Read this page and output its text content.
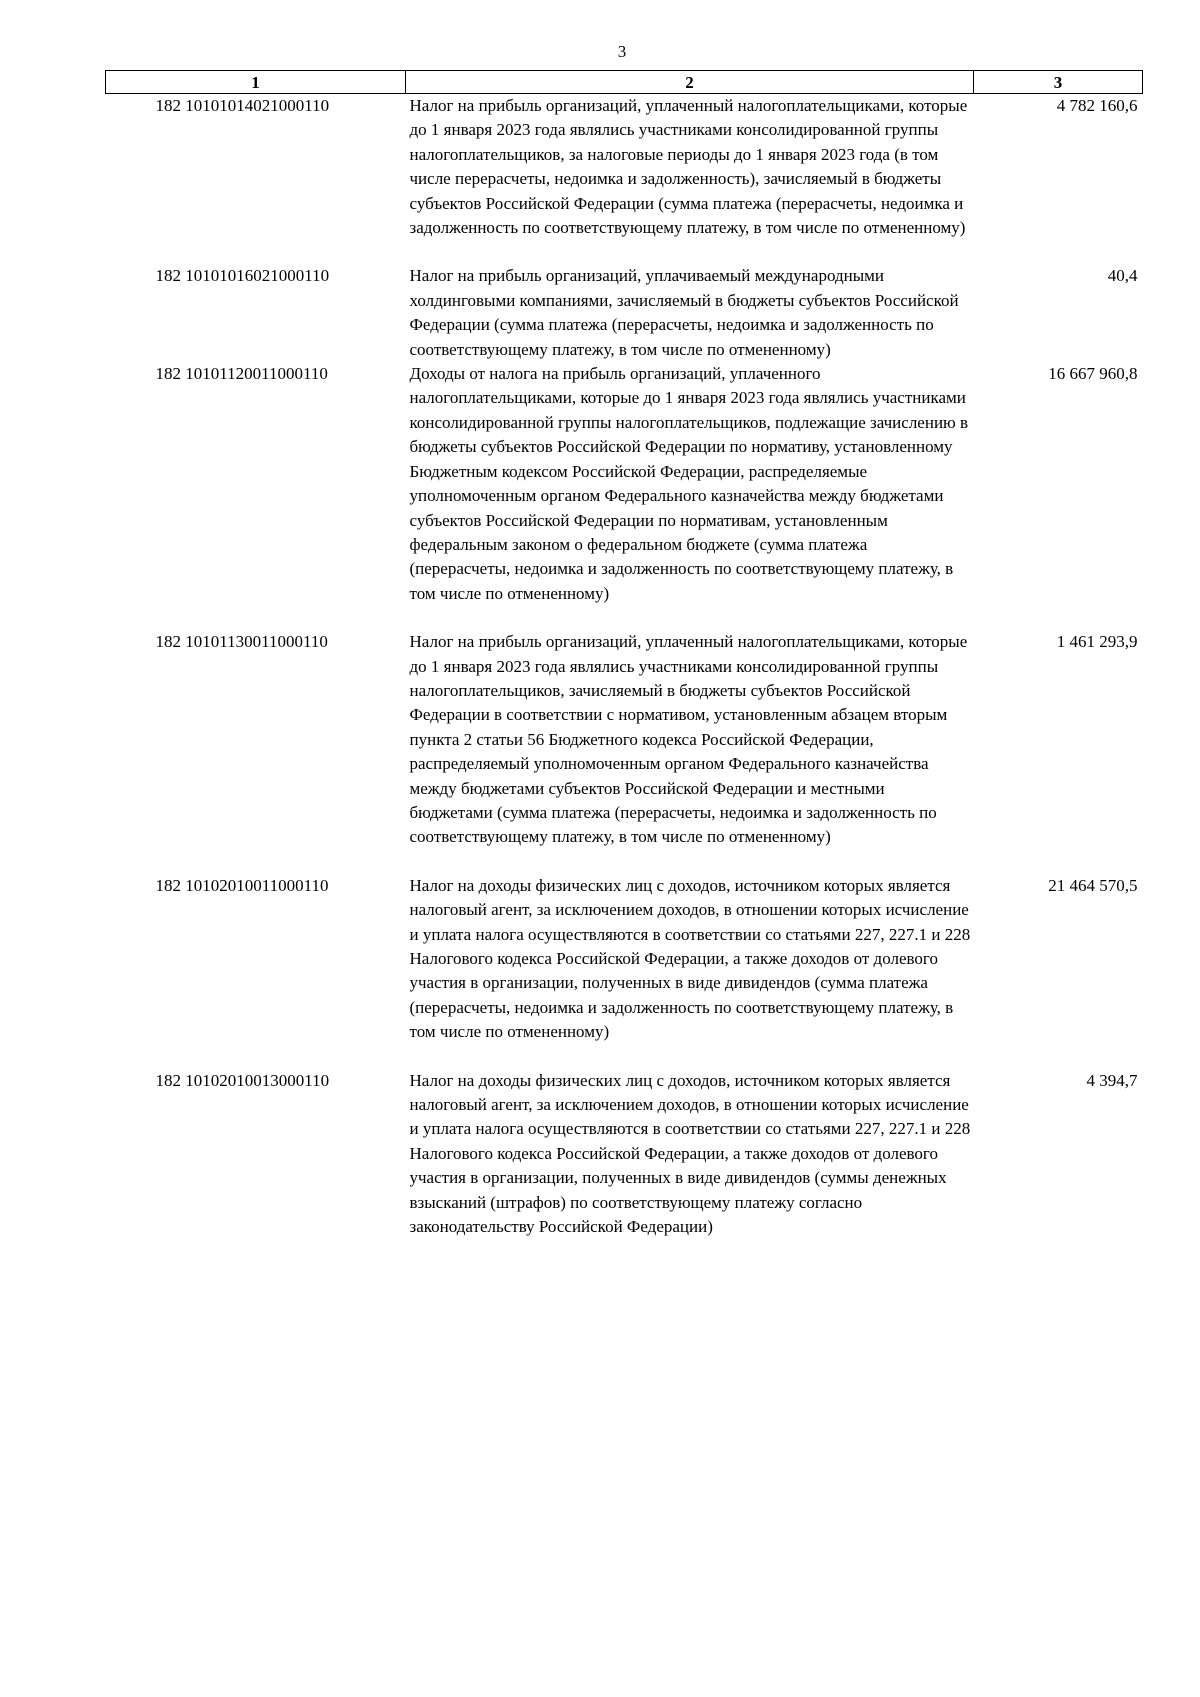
3
1	2	3
182 10101014021000110	Налог на прибыль организаций, уплаченный налогоплательщиками, которые до 1 января 2023 года являлись участниками консолидированной группы налогоплательщиков, за налоговые периоды до 1 января 2023 года (в том числе перерасчеты, недоимка и задолженность), зачисляемый в бюджеты субъектов Российской Федерации (сумма платежа (перерасчеты, недоимка и задолженность по соответствующему платежу, в том числе по отмененному)	4 782 160,6
182 10101016021000110	Налог на прибыль организаций, уплачиваемый международными холдинговыми компаниями, зачисляемый в бюджеты субъектов Российской Федерации (сумма платежа (перерасчеты, недоимка и задолженность по соответствующему платежу, в том числе по отмененному)	40,4
182 10101120011000110	Доходы от налога на прибыль организаций, уплаченного налогоплательщиками, которые до 1 января 2023 года являлись участниками консолидированной группы налогоплательщиков, подлежащие зачислению в бюджеты субъектов Российской Федерации по нормативу, установленному Бюджетным кодексом Российской Федерации, распределяемые уполномоченным органом Федерального казначейства между бюджетами субъектов Российской Федерации по нормативам, установленным федеральным законом о федеральном бюджете (сумма платежа (перерасчеты, недоимка и задолженность по соответствующему платежу, в том числе по отмененному)	16 667 960,8
182 10101130011000110	Налог на прибыль организаций, уплаченный налогоплательщиками, которые до 1 января 2023 года являлись участниками консолидированной группы налогоплательщиков, зачисляемый в бюджеты субъектов Российской Федерации в соответствии с нормативом, установленным абзацем вторым пункта 2 статьи 56 Бюджетного кодекса Российской Федерации, распределяемый уполномоченным органом Федерального казначейства между бюджетами субъектов Российской Федерации и местными бюджетами (сумма платежа (перерасчеты, недоимка и задолженность по соответствующему платежу, в том числе по отмененному)	1 461 293,9
182 10102010011000110	Налог на доходы физических лиц с доходов, источником которых является налоговый агент, за исключением доходов, в отношении которых исчисление и уплата налога осуществляются в соответствии со статьями 227, 227.1 и 228 Налогового кодекса Российской Федерации, а также доходов от долевого участия в организации, полученных в виде дивидендов (сумма платежа (перерасчеты, недоимка и задолженность по соответствующему платежу, в том числе по отмененному)	21 464 570,5
182 10102010013000110	Налог на доходы физических лиц с доходов, источником которых является налоговый агент, за исключением доходов, в отношении которых исчисление и уплата налога осуществляются в соответствии со статьями 227, 227.1 и 228 Налогового кодекса Российской Федерации, а также доходов от долевого участия в организации, полученных в виде дивидендов (суммы денежных взысканий (штрафов) по соответствующему платежу согласно законодательству Российской Федерации)	4 394,7
